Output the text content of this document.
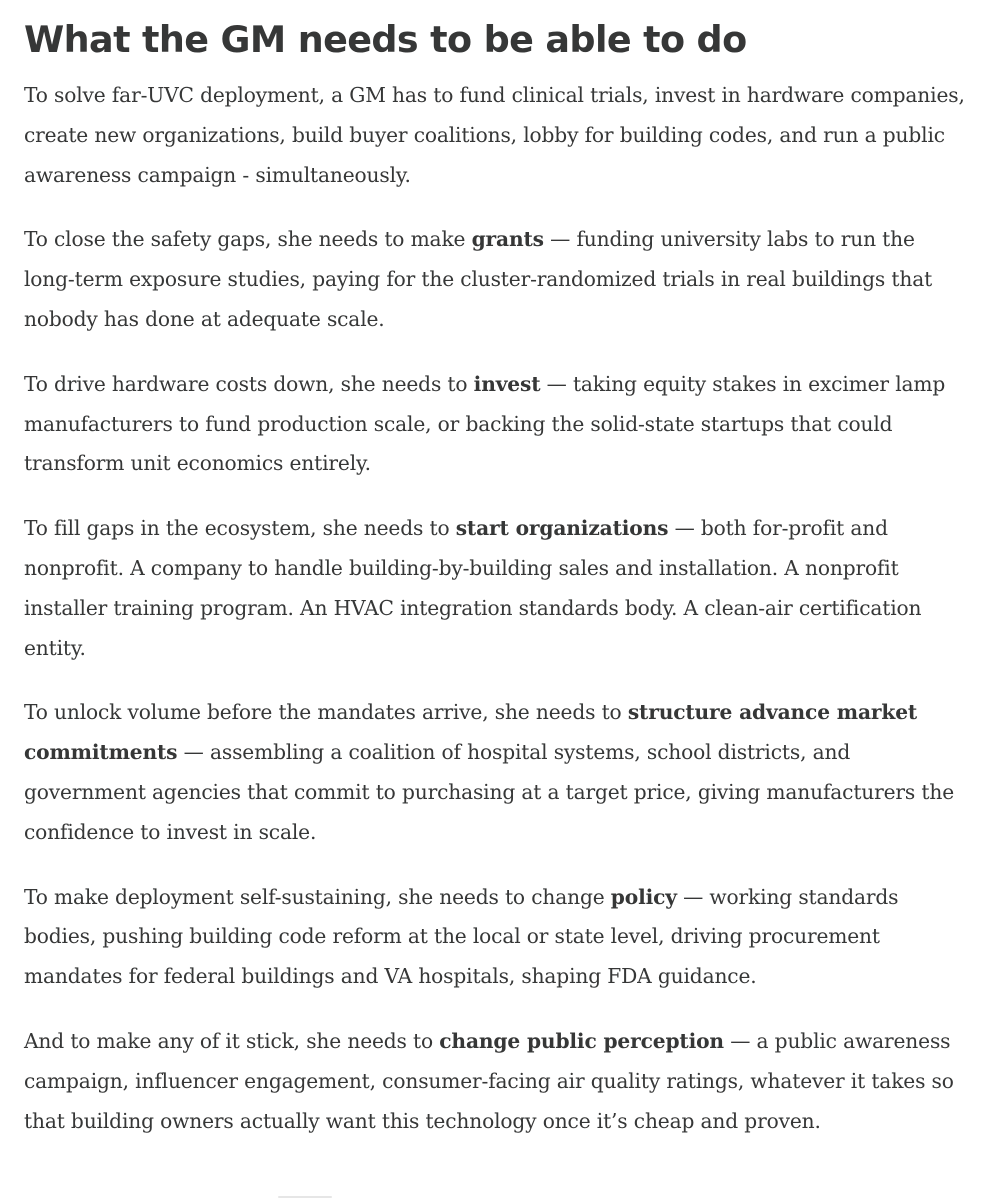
What the GM needs to be able to do

To solve far-UVC deployment, a GM has to fund clinical trials, invest in hardware companies, create new organizations, build buyer coalitions, lobby for building codes, and run a public awareness campaign - simultaneously.

To close the safety gaps, she needs to make grants — funding university labs to run the long-term exposure studies, paying for the cluster-randomized trials in real buildings that nobody has done at adequate scale.

To drive hardware costs down, she needs to invest — taking equity stakes in excimer lamp manufacturers to fund production scale, or backing the solid-state startups that could transform unit economics entirely.

To fill gaps in the ecosystem, she needs to start organizations — both for-profit and nonprofit. A company to handle building-by-building sales and installation. A nonprofit installer training program. An HVAC integration standards body. A clean-air certification entity.

To unlock volume before the mandates arrive, she needs to structure advance market commitments — assembling a coalition of hospital systems, school districts, and government agencies that commit to purchasing at a target price, giving manufacturers the confidence to invest in scale.

To make deployment self-sustaining, she needs to change policy — working standards bodies, pushing building code reform at the local or state level, driving procurement mandates for federal buildings and VA hospitals, shaping FDA guidance.

And to make any of it stick, she needs to change public perception — a public awareness campaign, influencer engagement, consumer-facing air quality ratings, whatever it takes so that building owners actually want this technology once it’s cheap and proven.
